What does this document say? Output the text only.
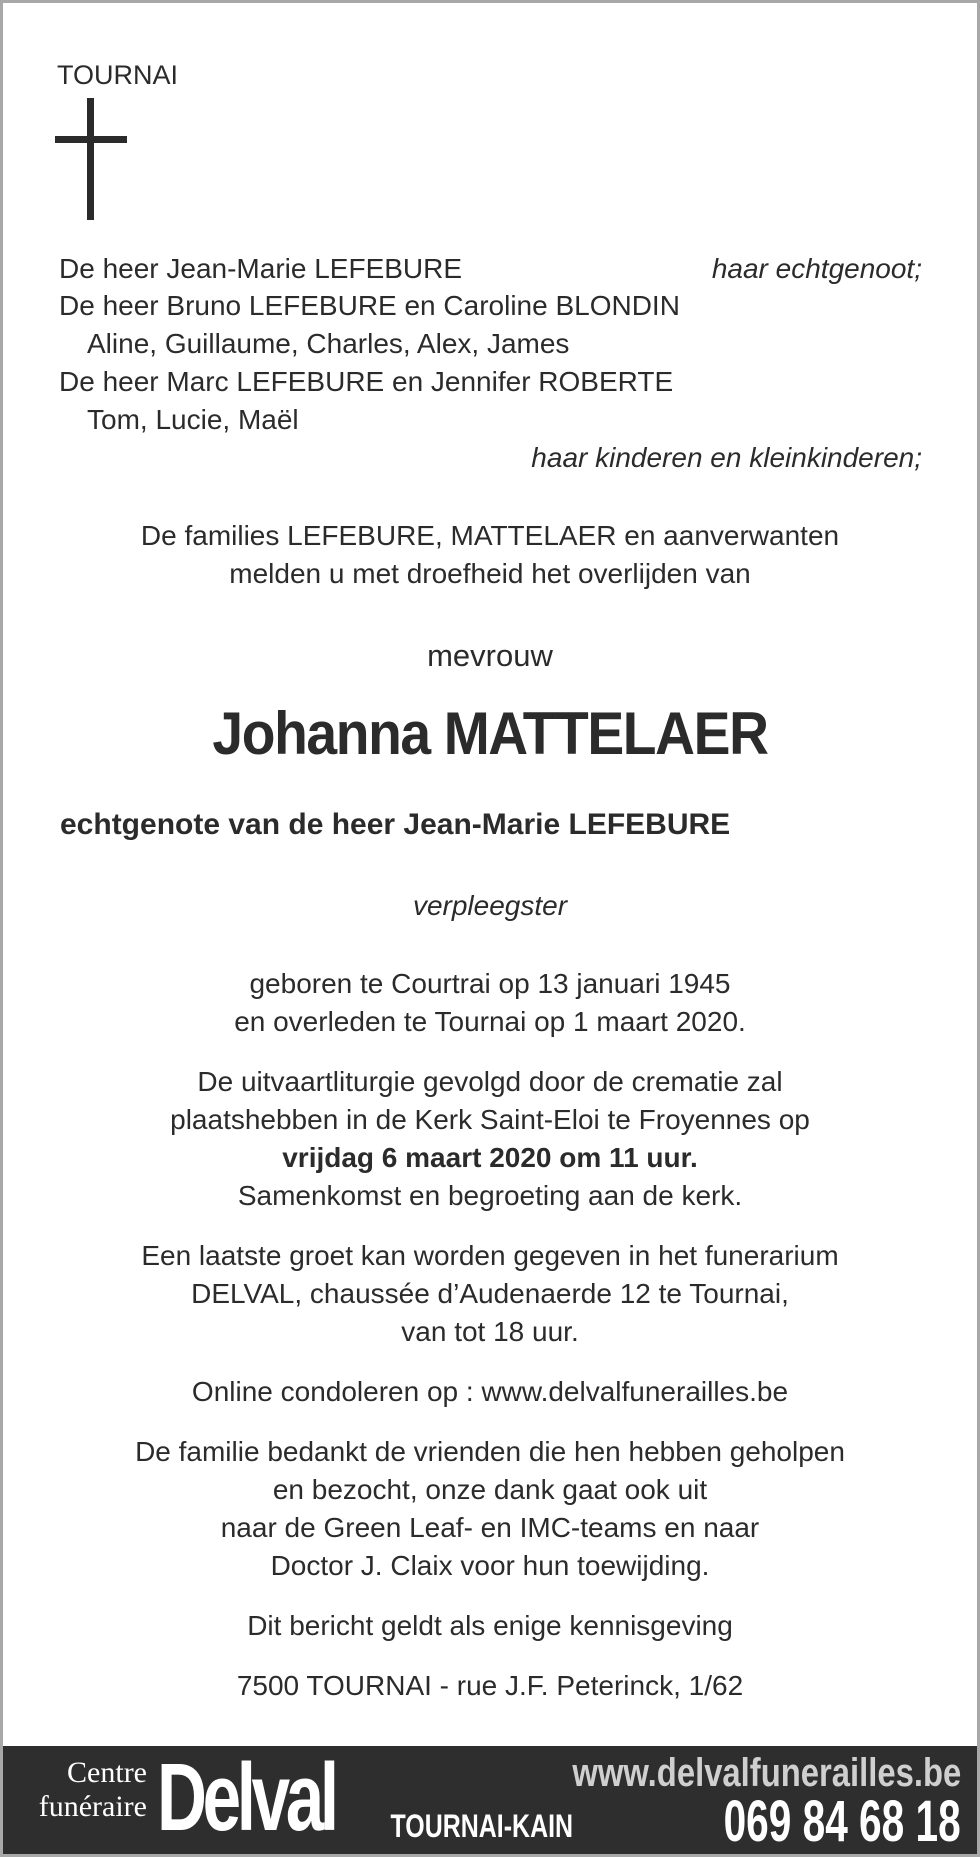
TOURNAI
De heer Jean-Marie LEFEBURE	haar echtgenoot;
De heer Bruno LEFEBURE en Caroline BLONDIN
Aline, Guillaume, Charles, Alex, James
De heer Marc LEFEBURE en Jennifer ROBERTE
Tom, Lucie, Maël
haar kinderen en kleinkinderen;
De families LEFEBURE, MATTELAER en aanverwanten
melden u met droefheid het overlijden van
mevrouw
Johanna MATTELAER
echtgenote van de heer Jean-Marie LEFEBURE
verpleegster
geboren te Courtrai op 13 januari 1945
en overleden te Tournai op 1 maart 2020.
De uitvaartliturgie gevolgd door de crematie zal
plaatshebben in de Kerk Saint-Eloi te Froyennes op
vrijdag 6 maart 2020 om 11 uur.
Samenkomst en begroeting aan de kerk.
Een laatste groet kan worden gegeven in het funerarium
DELVAL, chaussée d’Audenaerde 12 te Tournai,
van tot 18 uur.
Online condoleren op : www.delvalfunerailles.be
De familie bedankt de vrienden die hen hebben geholpen
en bezocht, onze dank gaat ook uit
naar de Green Leaf- en IMC-teams en naar
Doctor J. Claix voor hun toewijding.
Dit bericht geldt als enige kennisgeving
7500 TOURNAI - rue J.F. Peterinck, 1/62
Centre
funéraire Delval	www.delvalfunerailles.be
TOURNAI-KAIN	069 84 68 18
